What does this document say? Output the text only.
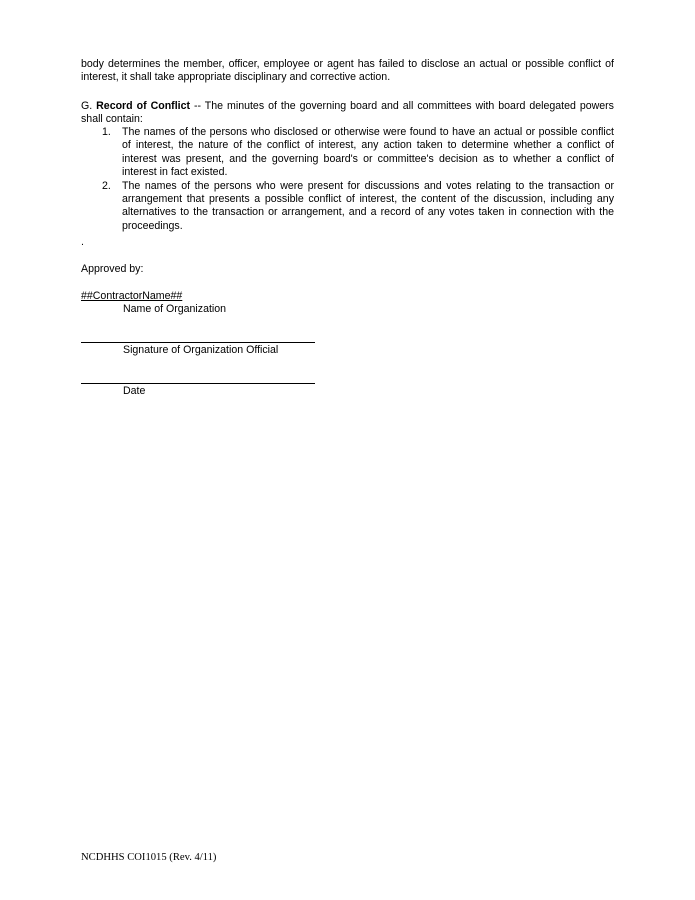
body determines the member, officer, employee or agent has failed to disclose an actual or possible conflict of interest, it shall take appropriate disciplinary and corrective action.

G. Record of Conflict -- The minutes of the governing board and all committees with board delegated powers shall contain:

1. The names of the persons who disclosed or otherwise were found to have an actual or possible conflict of interest, the nature of the conflict of interest, any action taken to determine whether a conflict of interest was present, and the governing board's or committee's decision as to whether a conflict of interest in fact existed.
2. The names of the persons who were present for discussions and votes relating to the transaction or arrangement that presents a possible conflict of interest, the content of the discussion, including any alternatives to the transaction or arrangement, and a record of any votes taken in connection with the proceedings.
.
Approved by:
##ContractorName##
Name of Organization
Signature of Organization Official
Date
NCDHHS COI1015 (Rev. 4/11)
